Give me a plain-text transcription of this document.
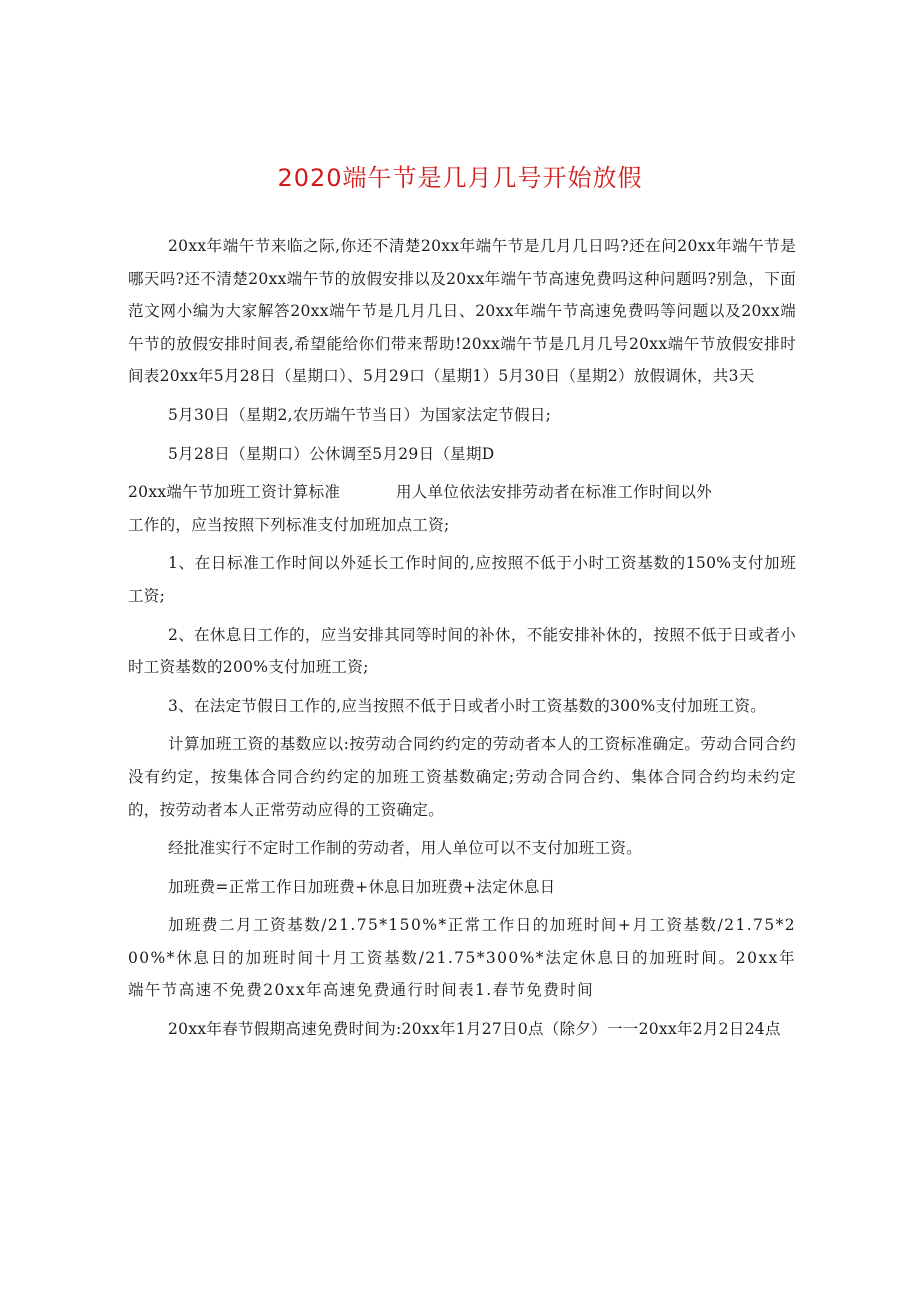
2020端午节是几月几号开始放假

20xx年端午节来临之际,你还不清楚20xx年端午节是几月几日吗?还在问20xx年端午节是哪天吗?还不清楚20xx端午节的放假安排以及20xx年端午节高速免费吗这种问题吗?别急，下面范文网小编为大家解答20xx端午节是几月几日、20xx年端午节高速免费吗等问题以及20xx端午节的放假安排时间表,希望能给你们带来帮助!20xx端午节是几月几号20xx端午节放假安排时间表20xx年5月28日（星期口）、5月29口（星期1）5月30日（星期2）放假调休，共3天

5月30日（星期2,农历端午节当日）为国家法定节假日;

5月28日（星期口）公休调至5月29日（星期D

20xx端午节加班工资计算标准	用人单位依法安排劳动者在标准工作时间以外

工作的，应当按照下列标准支付加班加点工资;

1、在日标准工作时间以外延长工作时间的,应按照不低于小时工资基数的150%支付加班工资;

2、在休息日工作的，应当安排其同等时间的补休，不能安排补休的，按照不低于日或者小时工资基数的200%支付加班工资;

3、在法定节假日工作的,应当按照不低于日或者小时工资基数的300%支付加班工资。

计算加班工资的基数应以:按劳动合同约约定的劳动者本人的工资标准确定。劳动合同合约没有约定，按集体合同合约约定的加班工资基数确定;劳动合同合约、集体合同合约均未约定的，按劳动者本人正常劳动应得的工资确定。

经批准实行不定时工作制的劳动者，用人单位可以不支付加班工资。

加班费=正常工作日加班费+休息日加班费+法定休息日

加班费二月工资基数/21.75*150%*正常工作日的加班时间+月工资基数/21.75*200%*休息日的加班时间十月工资基数/21.75*300%*法定休息日的加班时间。20xx年端午节高速不免费20xx年高速免费通行时间表1.春节免费时间

20xx年春节假期高速免费时间为:20xx年1月27日0点（除夕）一一20xx年2月2日24点
